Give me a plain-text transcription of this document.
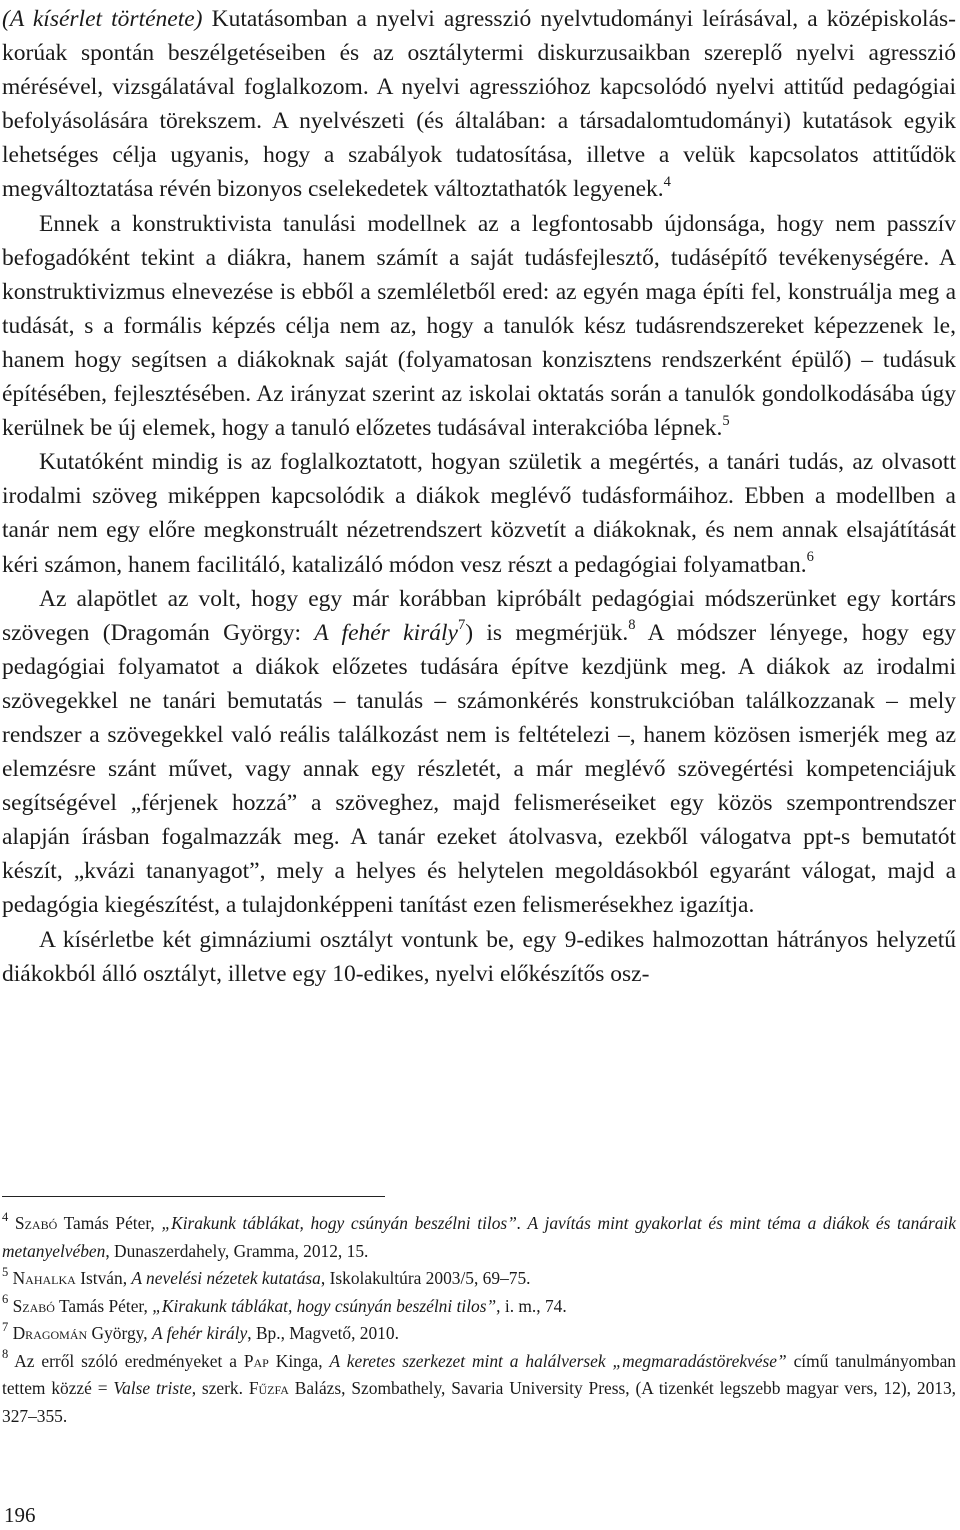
(A kísérlet története) Kutatásomban a nyelvi agresszió nyelvtudományi leírásával, a középiskolás-korúak spontán beszélgetéseiben és az osztálytermi diskurzusaikban szereplő nyelvi agresszió mérésével, vizsgálatával foglalkozom. A nyelvi agresszióhoz kapcsolódó nyelvi attitűd pedagógiai befolyásolására törekszem. A nyelvészeti (és általában: a társadalomtudományi) kutatások egyik lehetséges célja ugyanis, hogy a szabályok tudatosítása, illetve a velük kapcsolatos attitűdök megváltoztatása révén bizonyos cselekedetek változtathatók legyenek.$^4$

Ennek a konstruktivista tanulási modellnek az a legfontosabb újdonsága, hogy nem passzív befogadóként tekint a diákra, hanem számít a saját tudásfejlesztő, tudásépítő tevékenységére. A konstruktivizmus elnevezése is ebből a szemléletből ered: az egyén maga építi fel, konstruálja meg a tudását, s a formális képzés célja nem az, hogy a tanulók kész tudásrendszereket képezzenek le, hanem hogy segítsen a diákoknak saját (folyamatosan konzisztens rendszerként épülő) – tudásuk építésében, fejlesztésében. Az irányzat szerint az iskolai oktatás során a tanulók gondolkodásába úgy kerülnek be új elemek, hogy a tanuló előzetes tudásával interakcióba lépnek.$^5$

Kutatóként mindig is az foglalkoztatott, hogyan születik a megértés, a tanári tudás, az olvasott irodalmi szöveg miképpen kapcsolódik a diákok meglévő tudásformáihoz. Ebben a modellben a tanár nem egy előre megkonstruált nézetrendszert közvetít a diákoknak, és nem annak elsajátítását kéri számon, hanem facilitáló, katalizáló módon vesz részt a pedagógiai folyamatban.$^6$

Az alapötlet az volt, hogy egy már korábban kipróbált pedagógiai módszerünket egy kortárs szövegen (Dragomán György: A fehér király$^7$) is megmérjük.$^8$ A módszer lényege, hogy egy pedagógiai folyamatot a diákok előzetes tudására építve kezdjünk meg. A diákok az irodalmi szövegekkel ne tanári bemutatás – tanulás – számonkérés konstrukcióban találkozzanak – mely rendszer a szövegekkel való reális találkozást nem is feltételezi –, hanem közösen ismerjék meg az elemzésre szánt művet, vagy annak egy részletét, a már meglévő szövegértési kompetenciájuk segítségével „férjenek hozzá” a szöveghez, majd felismeréseiket egy közös szempontrendszer alapján írásban fogalmazzák meg. A tanár ezeket átolvasva, ezekből válogatva ppt-s bemutatót készít, „kvázi tananyagot”, mely a helyes és helytelen megoldásokból egyaránt válogat, majd a pedagógia kiegészítést, a tulajdonképpeni tanítást ezen felismerésekhez igazítja.

A kísérletbe két gimnáziumi osztályt vontunk be, egy 9-edikes halmozottan hátrányos helyzetű diákokból álló osztályt, illetve egy 10-edikes, nyelvi előkészítős osz-

$^4$ Szabó Tamás Péter, „Kirakunk táblákat, hogy csúnyán beszélni tilos”. A javítás mint gyakorlat és mint téma a diákok és tanáraik metanyelvében, Dunaszerdahely, Gramma, 2012, 15.

$^5$ Nahalka István, A nevelési nézetek kutatása, Iskolakultúra 2003/5, 69–75.

$^6$ Szabó Tamás Péter, „Kirakunk táblákat, hogy csúnyán beszélni tilos”, i. m., 74.

$^7$ Dragomán György, A fehér király, Bp., Magvető, 2010.

$^8$ Az erről szóló eredményeket a Pap Kinga, A keretes szerkezet mint a halálversek „megmaradástörekvése” című tanulmányomban tettem közzé = Valse triste, szerk. Fűzfa Balázs, Szombathely, Savaria University Press, (A tizenkét legszebb magyar vers, 12), 2013, 327–355.

196
